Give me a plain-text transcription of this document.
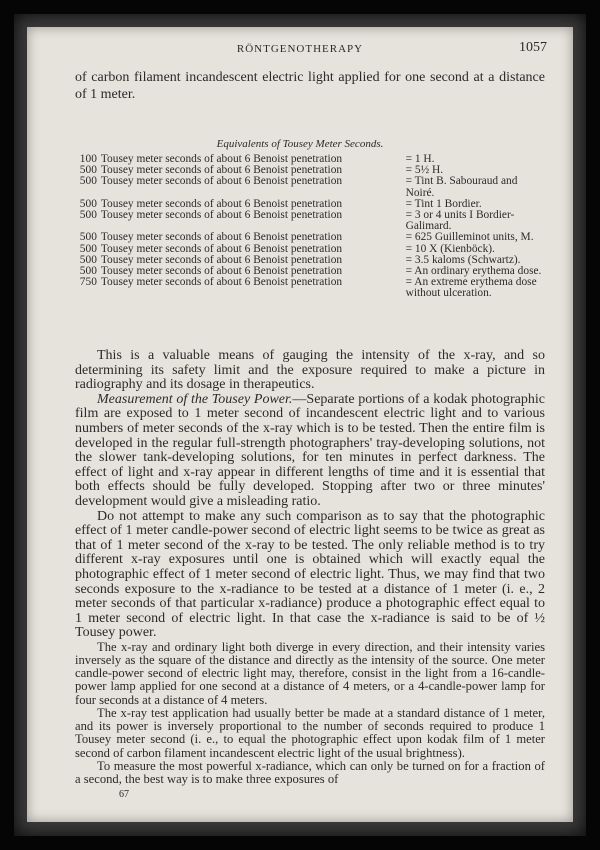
RÖNTGENOTHERAPY	1057
of carbon filament incandescent electric light applied for one second at a distance of 1 meter.
Equivalents of Tousey Meter Seconds.
100 Tousey meter seconds of about 6 Benoist penetration	= 1 H.
500 Tousey meter seconds of about 6 Benoist penetration	= 5½ H.
500 Tousey meter seconds of about 6 Benoist penetration	= Tint B. Sabouraud and Noiré.
500 Tousey meter seconds of about 6 Benoist penetration	= Tint 1 Bordier.
500 Tousey meter seconds of about 6 Benoist penetration	= 3 or 4 units I Bordier-Galimard.
500 Tousey meter seconds of about 6 Benoist penetration	= 625 Guilleminot units, M.
500 Tousey meter seconds of about 6 Benoist penetration	= 10 X (Kienböck).
500 Tousey meter seconds of about 6 Benoist penetration	= 3.5 kaloms (Schwartz).
500 Tousey meter seconds of about 6 Benoist penetration	= An ordinary erythema dose.
750 Tousey meter seconds of about 6 Benoist penetration	= An extreme erythema dose without ulceration.

This is a valuable means of gauging the intensity of the x-ray, and so determining its safety limit and the exposure required to make a picture in radiography and its dosage in therapeutics.

Measurement of the Tousey Power.—Separate portions of a kodak photographic film are exposed to 1 meter second of incandescent electric light and to various numbers of meter seconds of the x-ray which is to be tested. Then the entire film is developed in the regular full-strength photographers' tray-developing solutions, not the slower tank-developing solutions, for ten minutes in perfect darkness. The effect of light and x-ray appear in different lengths of time and it is essential that both effects should be fully developed. Stopping after two or three minutes' development would give a misleading ratio.

Do not attempt to make any such comparison as to say that the photographic effect of 1 meter candle-power second of electric light seems to be twice as great as that of 1 meter second of the x-ray to be tested. The only reliable method is to try different x-ray exposures until one is obtained which will exactly equal the photographic effect of 1 meter second of electric light. Thus, we may find that two seconds exposure to the x-radiance to be tested at a distance of 1 meter (i. e., 2 meter seconds of that particular x-radiance) produce a photographic effect equal to 1 meter second of electric light. In that case the x-radiance is said to be of ½ Tousey power.

The x-ray and ordinary light both diverge in every direction, and their intensity varies inversely as the square of the distance and directly as the intensity of the source. One meter candle-power second of electric light may, therefore, consist in the light from a 16-candle-power lamp applied for one second at a distance of 4 meters, or a 4-candle-power lamp for four seconds at a distance of 4 meters.

The x-ray test application had usually better be made at a standard distance of 1 meter, and its power is inversely proportional to the number of seconds required to produce 1 Tousey meter second (i. e., to equal the photographic effect upon kodak film of 1 meter second of carbon filament incandescent electric light of the usual brightness).

To measure the most powerful x-radiance, which can only be turned on for a fraction of a second, the best way is to make three exposures of

67
